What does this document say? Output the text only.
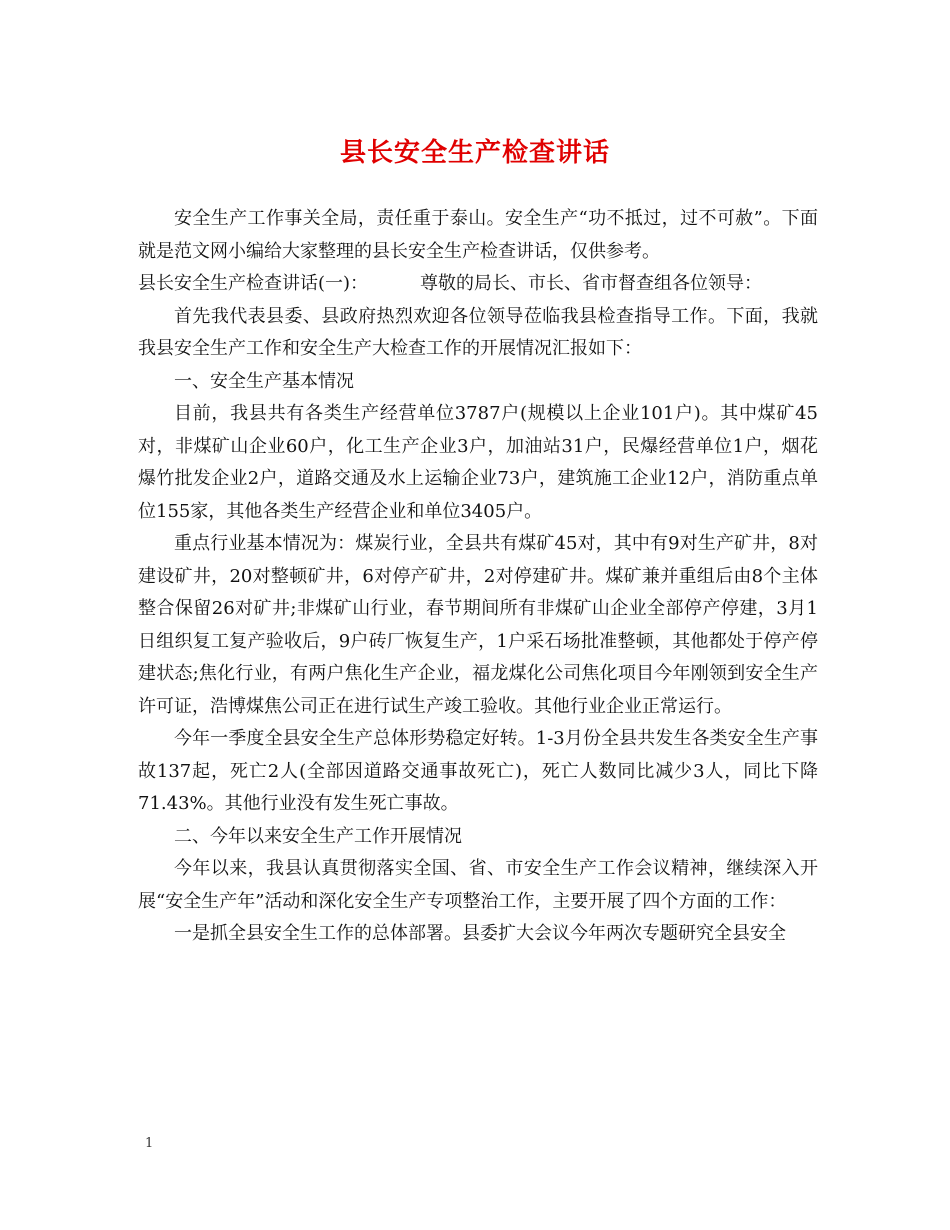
县长安全生产检查讲话

安全生产工作事关全局，责任重于泰山。安全生产“功不抵过，过不可赦”。下面就是范文网小编给大家整理的县长安全生产检查讲话，仅供参考。

县长安全生产检查讲话(一)：	尊敬的局长、市长、省市督查组各位领导：

首先我代表县委、县政府热烈欢迎各位领导莅临我县检查指导工作。下面，我就我县安全生产工作和安全生产大检查工作的开展情况汇报如下：

一、安全生产基本情况

目前，我县共有各类生产经营单位3787户(规模以上企业101户)。其中煤矿45对，非煤矿山企业60户，化工生产企业3户，加油站31户，民爆经营单位1户，烟花爆竹批发企业2户，道路交通及水上运输企业73户，建筑施工企业12户，消防重点单位155家，其他各类生产经营企业和单位3405户。

重点行业基本情况为：煤炭行业，全县共有煤矿45对，其中有9对生产矿井，8对建设矿井，20对整顿矿井，6对停产矿井，2对停建矿井。煤矿兼并重组后由8个主体整合保留26对矿井;非煤矿山行业，春节期间所有非煤矿山企业全部停产停建，3月1日组织复工复产验收后，9户砖厂恢复生产，1户采石场批准整顿，其他都处于停产停建状态;焦化行业，有两户焦化生产企业，福龙煤化公司焦化项目今年刚领到安全生产许可证，浩博煤焦公司正在进行试生产竣工验收。其他行业企业正常运行。

今年一季度全县安全生产总体形势稳定好转。1-3月份全县共发生各类安全生产事故137起，死亡2人(全部因道路交通事故死亡)，死亡人数同比减少3人，同比下降71.43%。其他行业没有发生死亡事故。

二、今年以来安全生产工作开展情况

今年以来，我县认真贯彻落实全国、省、市安全生产工作会议精神，继续深入开展“安全生产年”活动和深化安全生产专项整治工作，主要开展了四个方面的工作：

一是抓全县安全生工作的总体部署。县委扩大会议今年两次专题研究全县安全

1
